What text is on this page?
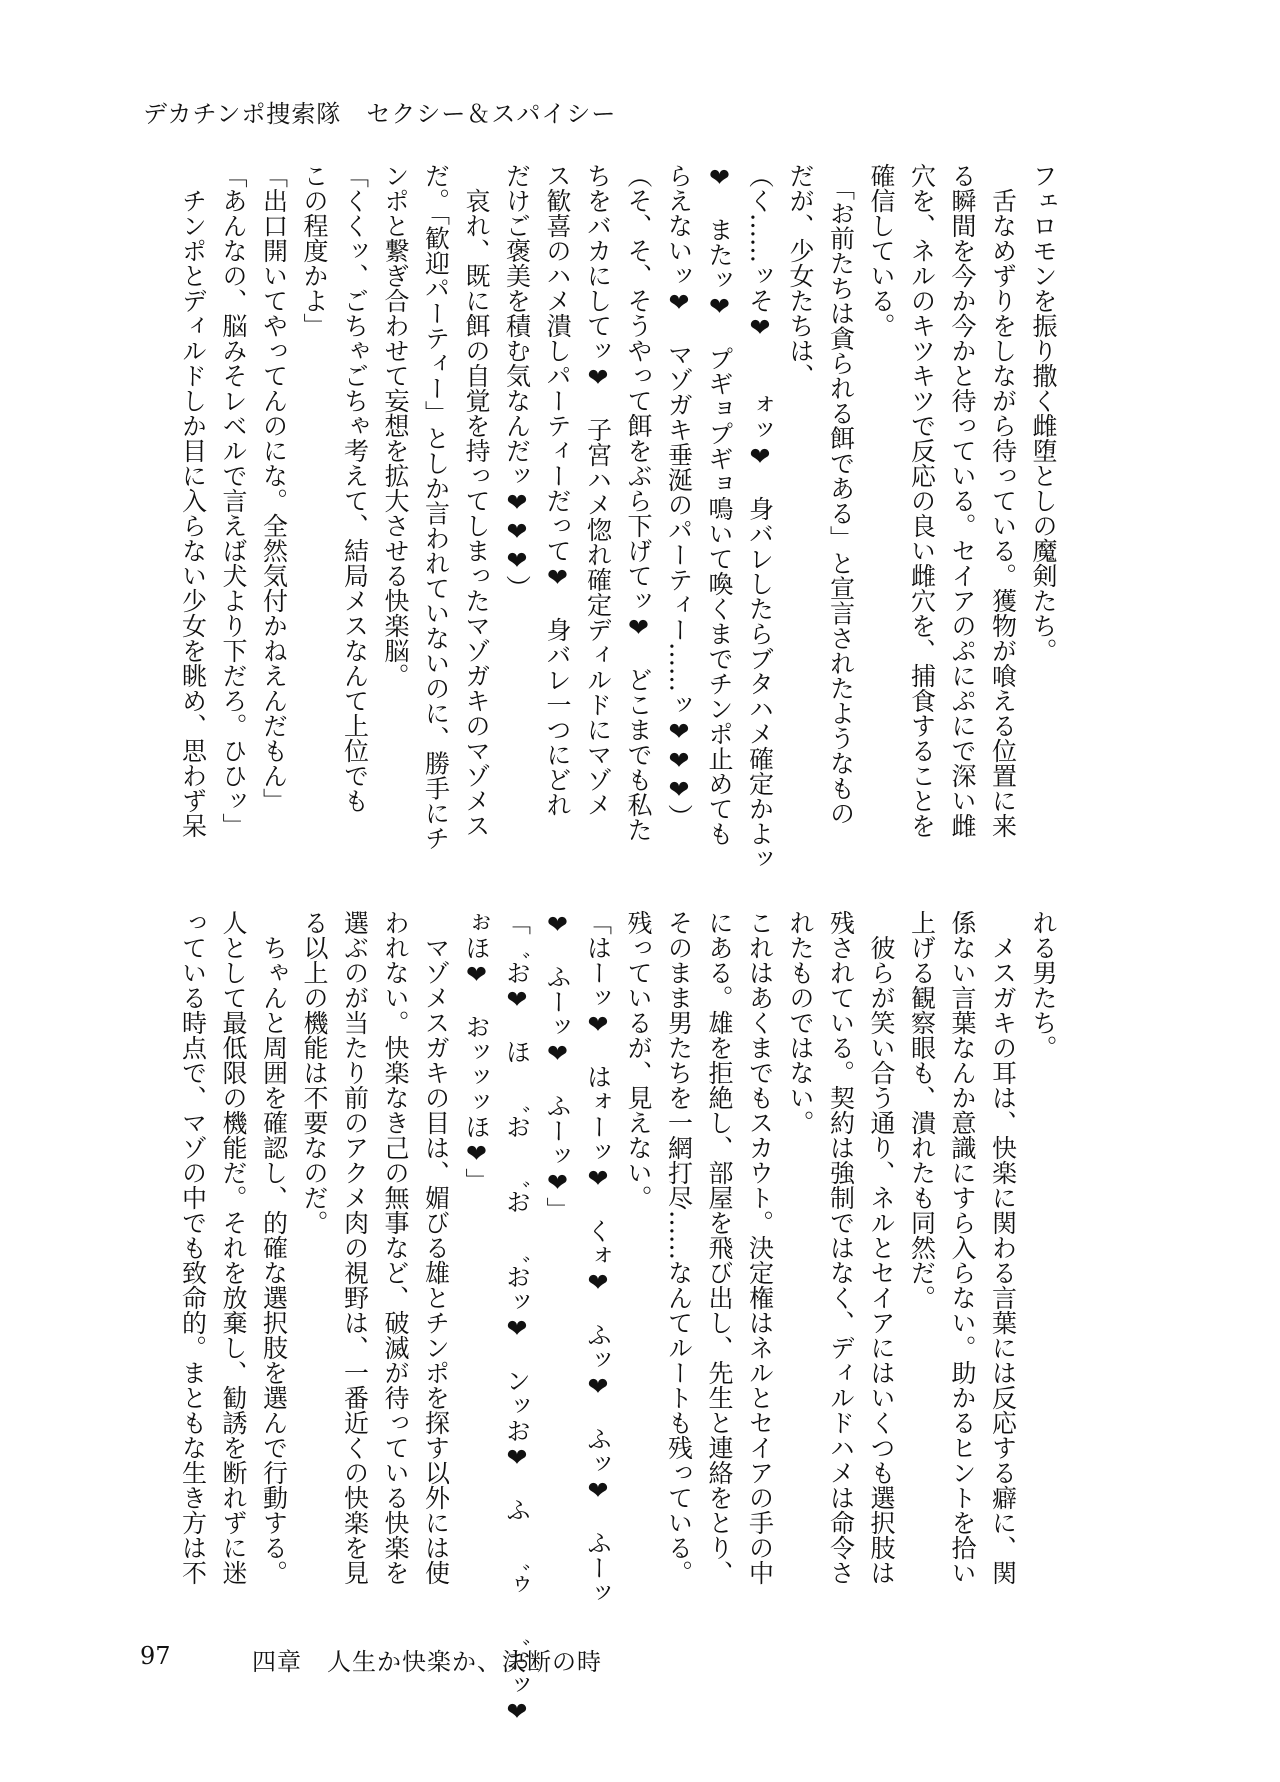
デカチンポ捜索隊　セクシー＆スパイシー
フェロモンを振り撒く雌堕としの魔剣たち。
　舌なめずりをしながら待っている。獲物が喰える位置に来
る瞬間を今か今かと待っている。セイアのぷにぷにで深い雌
穴を、ネルのキツキツで反応の良い雌穴を、捕食することを
確信している。
　「お前たちは貪られる餌である」と宣言されたようなもの
だが、少女たちは、
（く……ッそ❤　　ォッ❤　身バレしたらブタハメ確定かよッ
❤　またッ❤　プギョプギョ鳴いて喚くまでチンポ止めても
らえないッ❤　マゾガキ垂涎のパーティー……ッ❤❤❤）
（そ、そ、そうやって餌をぶら下げてッ❤　どこまでも私た
ちをバカにしてッ❤　子宮ハメ惚れ確定ディルドにマゾメ
ス歓喜のハメ潰しパーティーだって❤　身バレ一つにどれ
だけご褒美を積む気なんだッ❤❤❤）
　哀れ、既に餌の自覚を持ってしまったマゾガキのマゾメス
だ。「歓迎パーティー」としか言われていないのに、勝手にチ
ンポと繋ぎ合わせて妄想を拡大させる快楽脳。
「くくッ、ごちゃごちゃ考えて、結局メスなんて上位でも
この程度かよ」
「出口開いてやってんのにな。全然気付かねえんだもん」
「あんなの、脳みそレベルで言えば犬より下だろ。ひひッ」
　チンポとディルドしか目に入らない少女を眺め、思わず呆
れる男たち。
　メスガキの耳は、快楽に関わる言葉には反応する癖に、関
係ない言葉なんか意識にすら入らない。助かるヒントを拾い
上げる観察眼も、潰れたも同然だ。
　彼らが笑い合う通り、ネルとセイアにはいくつも選択肢は
残されている。契約は強制ではなく、ディルドハメは命令さ
れたものではない。
これはあくまでもスカウト。決定権はネルとセイアの手の中
にある。雄を拒絶し、部屋を飛び出し、先生と連絡をとり、
そのまま男たちを一網打尽……なんてルートも残っている。
残っているが、見えない。
「はーッ❤　はォーッ❤　くォ❤　ふッ❤　ふッ❤　ふーッ
❤　ふーッ❤　ふーッ❤」
「゛お❤　ほ　゛お　゛お　゛おッ❤　ンッお❤　ふ　゛ゥ　゛おッ❤
ぉほ❤　おッッッほ❤」
　マゾメスガキの目は、媚びる雄とチンポを探す以外には使
われない。快楽なき己の無事など、破滅が待っている快楽を
選ぶのが当たり前のアクメ肉の視野は、一番近くの快楽を見
る以上の機能は不要なのだ。
　ちゃんと周囲を確認し、的確な選択肢を選んで行動する。
人として最低限の機能だ。それを放棄し、勧誘を断れずに迷
っている時点で、マゾの中でも致命的。まともな生き方は不
97	四章　人生か快楽か、決断の時
